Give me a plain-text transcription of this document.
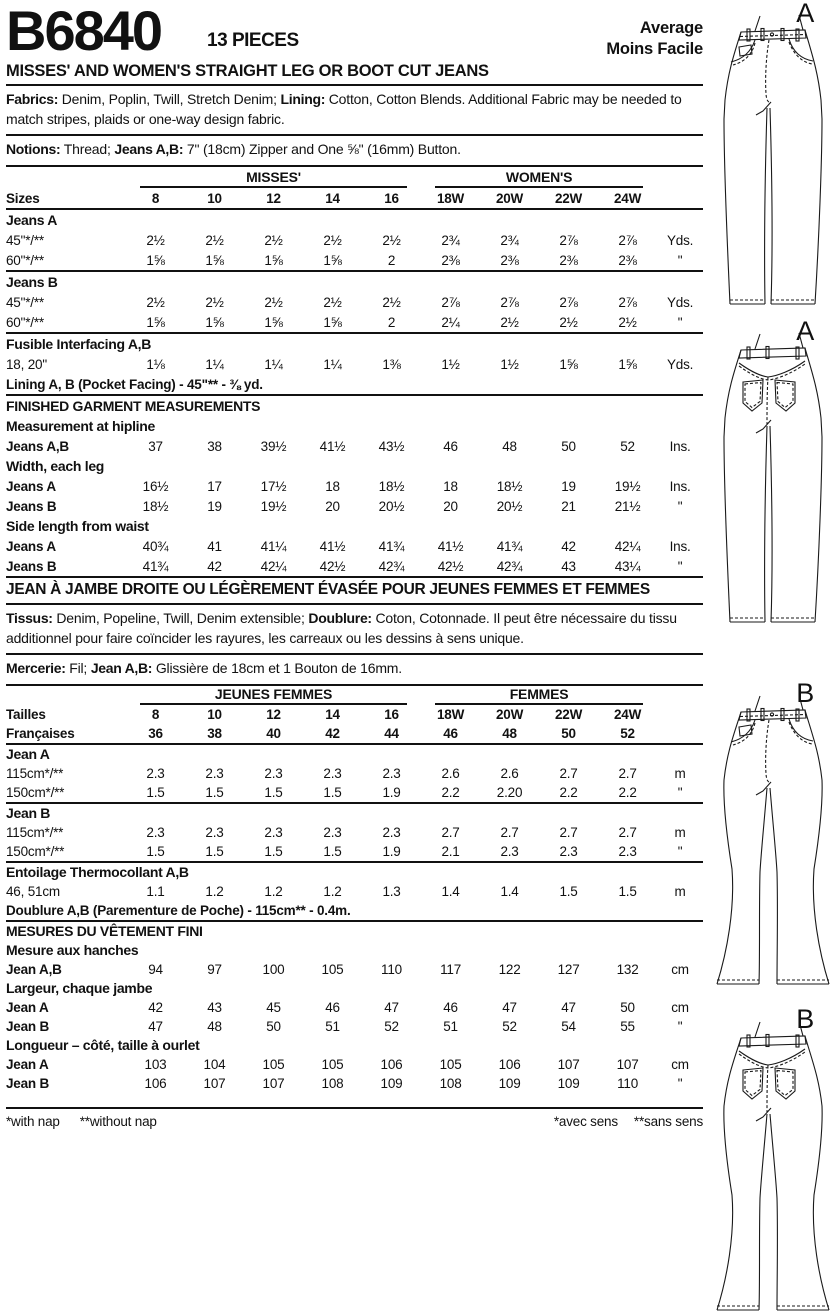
B6840 13 PIECES
Average
Moins Facile
MISSES' AND WOMEN'S STRAIGHT LEG OR BOOT CUT JEANS

Fabrics: Denim, Poplin, Twill, Stretch Denim; Lining: Cotton, Cotton Blends. Additional Fabric may be needed to match stripes, plaids or one-way design fabric.

Notions: Thread; Jeans A,B: 7" (18cm) Zipper and One ⅝" (16mm) Button.

	MISSES'					WOMEN'S				

Sizes	8	10	12	14	16	18W	20W	22W	24W	
Jeans A										
45"*/**	2½	2½	2½	2½	2½	2¾	2¾	2⅞	2⅞	Yds.
60"*/**	1⅝	1⅝	1⅝	1⅝	2	2⅜	2⅜	2⅜	2⅜	"
Jeans B										
45"*/**	2½	2½	2½	2½	2½	2⅞	2⅞	2⅞	2⅞	Yds.
60"*/**	1⅝	1⅝	1⅝	1⅝	2	2¼	2½	2½	2½	"
Fusible Interfacing A,B										
18, 20"	1⅛	1¼	1¼	1¼	1⅜	1½	1½	1⅝	1⅝	Yds.
Lining A, B (Pocket Facing) - 45"** - ⅜ yd.										
FINISHED GARMENT MEASUREMENTS										
Measurement at hipline										
Jeans A,B	37	38	39½	41½	43½	46	48	50	52	Ins.
Width, each leg										
Jeans A	16½	17	17½	18	18½	18	18½	19	19½	Ins.
Jeans B	18½	19	19½	20	20½	20	20½	21	21½	"
Side length from waist										
Jeans A	40¾	41	41¼	41½	41¾	41½	41¾	42	42¼	Ins.
Jeans B	41¾	42	42¼	42½	42¾	42½	42¾	43	43¼	"
JEAN À JAMBE DROITE OU LÉGÈREMENT ÉVASÉE POUR JEUNES FEMMES ET FEMMES

Tissus: Denim, Popeline, Twill, Denim extensible; Doublure: Coton, Cotonnade. Il peut être nécessaire du tissu additionnel pour faire coïncider les rayures, les carreaux ou les dessins à sens unique.

Mercerie: Fil; Jean A,B: Glissière de 18cm et 1 Bouton de 16mm.

	JEUNES FEMMES					FEMMES				

Tailles	8	10	12	14	16	18W	20W	22W	24W	
Françaises	36	38	40	42	44	46	48	50	52	
Jean A										
115cm*/**	2.3	2.3	2.3	2.3	2.3	2.6	2.6	2.7	2.7	m
150cm*/**	1.5	1.5	1.5	1.5	1.9	2.2	2.20	2.2	2.2	"
Jean B										
115cm*/**	2.3	2.3	2.3	2.3	2.3	2.7	2.7	2.7	2.7	m
150cm*/**	1.5	1.5	1.5	1.5	1.9	2.1	2.3	2.3	2.3	"
Entoilage Thermocollant A,B										
46, 51cm	1.1	1.2	1.2	1.2	1.3	1.4	1.4	1.5	1.5	m
Doublure A,B (Parementure de Poche) - 115cm** - 0.4m.										
MESURES DU VÊTEMENT FINI										
Mesure aux hanches										
Jean A,B	94	97	100	105	110	117	122	127	132	cm
Largeur, chaque jambe										
Jean A	42	43	45	46	47	46	47	47	50	cm
Jean B	47	48	50	51	52	51	52	54	55	"
Longueur – côté, taille à ourlet										
Jean A	103	104	105	105	106	105	106	107	107	cm
Jean B	106	107	107	108	109	108	109	109	110	"
*with nap **without nap	*avec sens **sans sens
A
A
B
B
